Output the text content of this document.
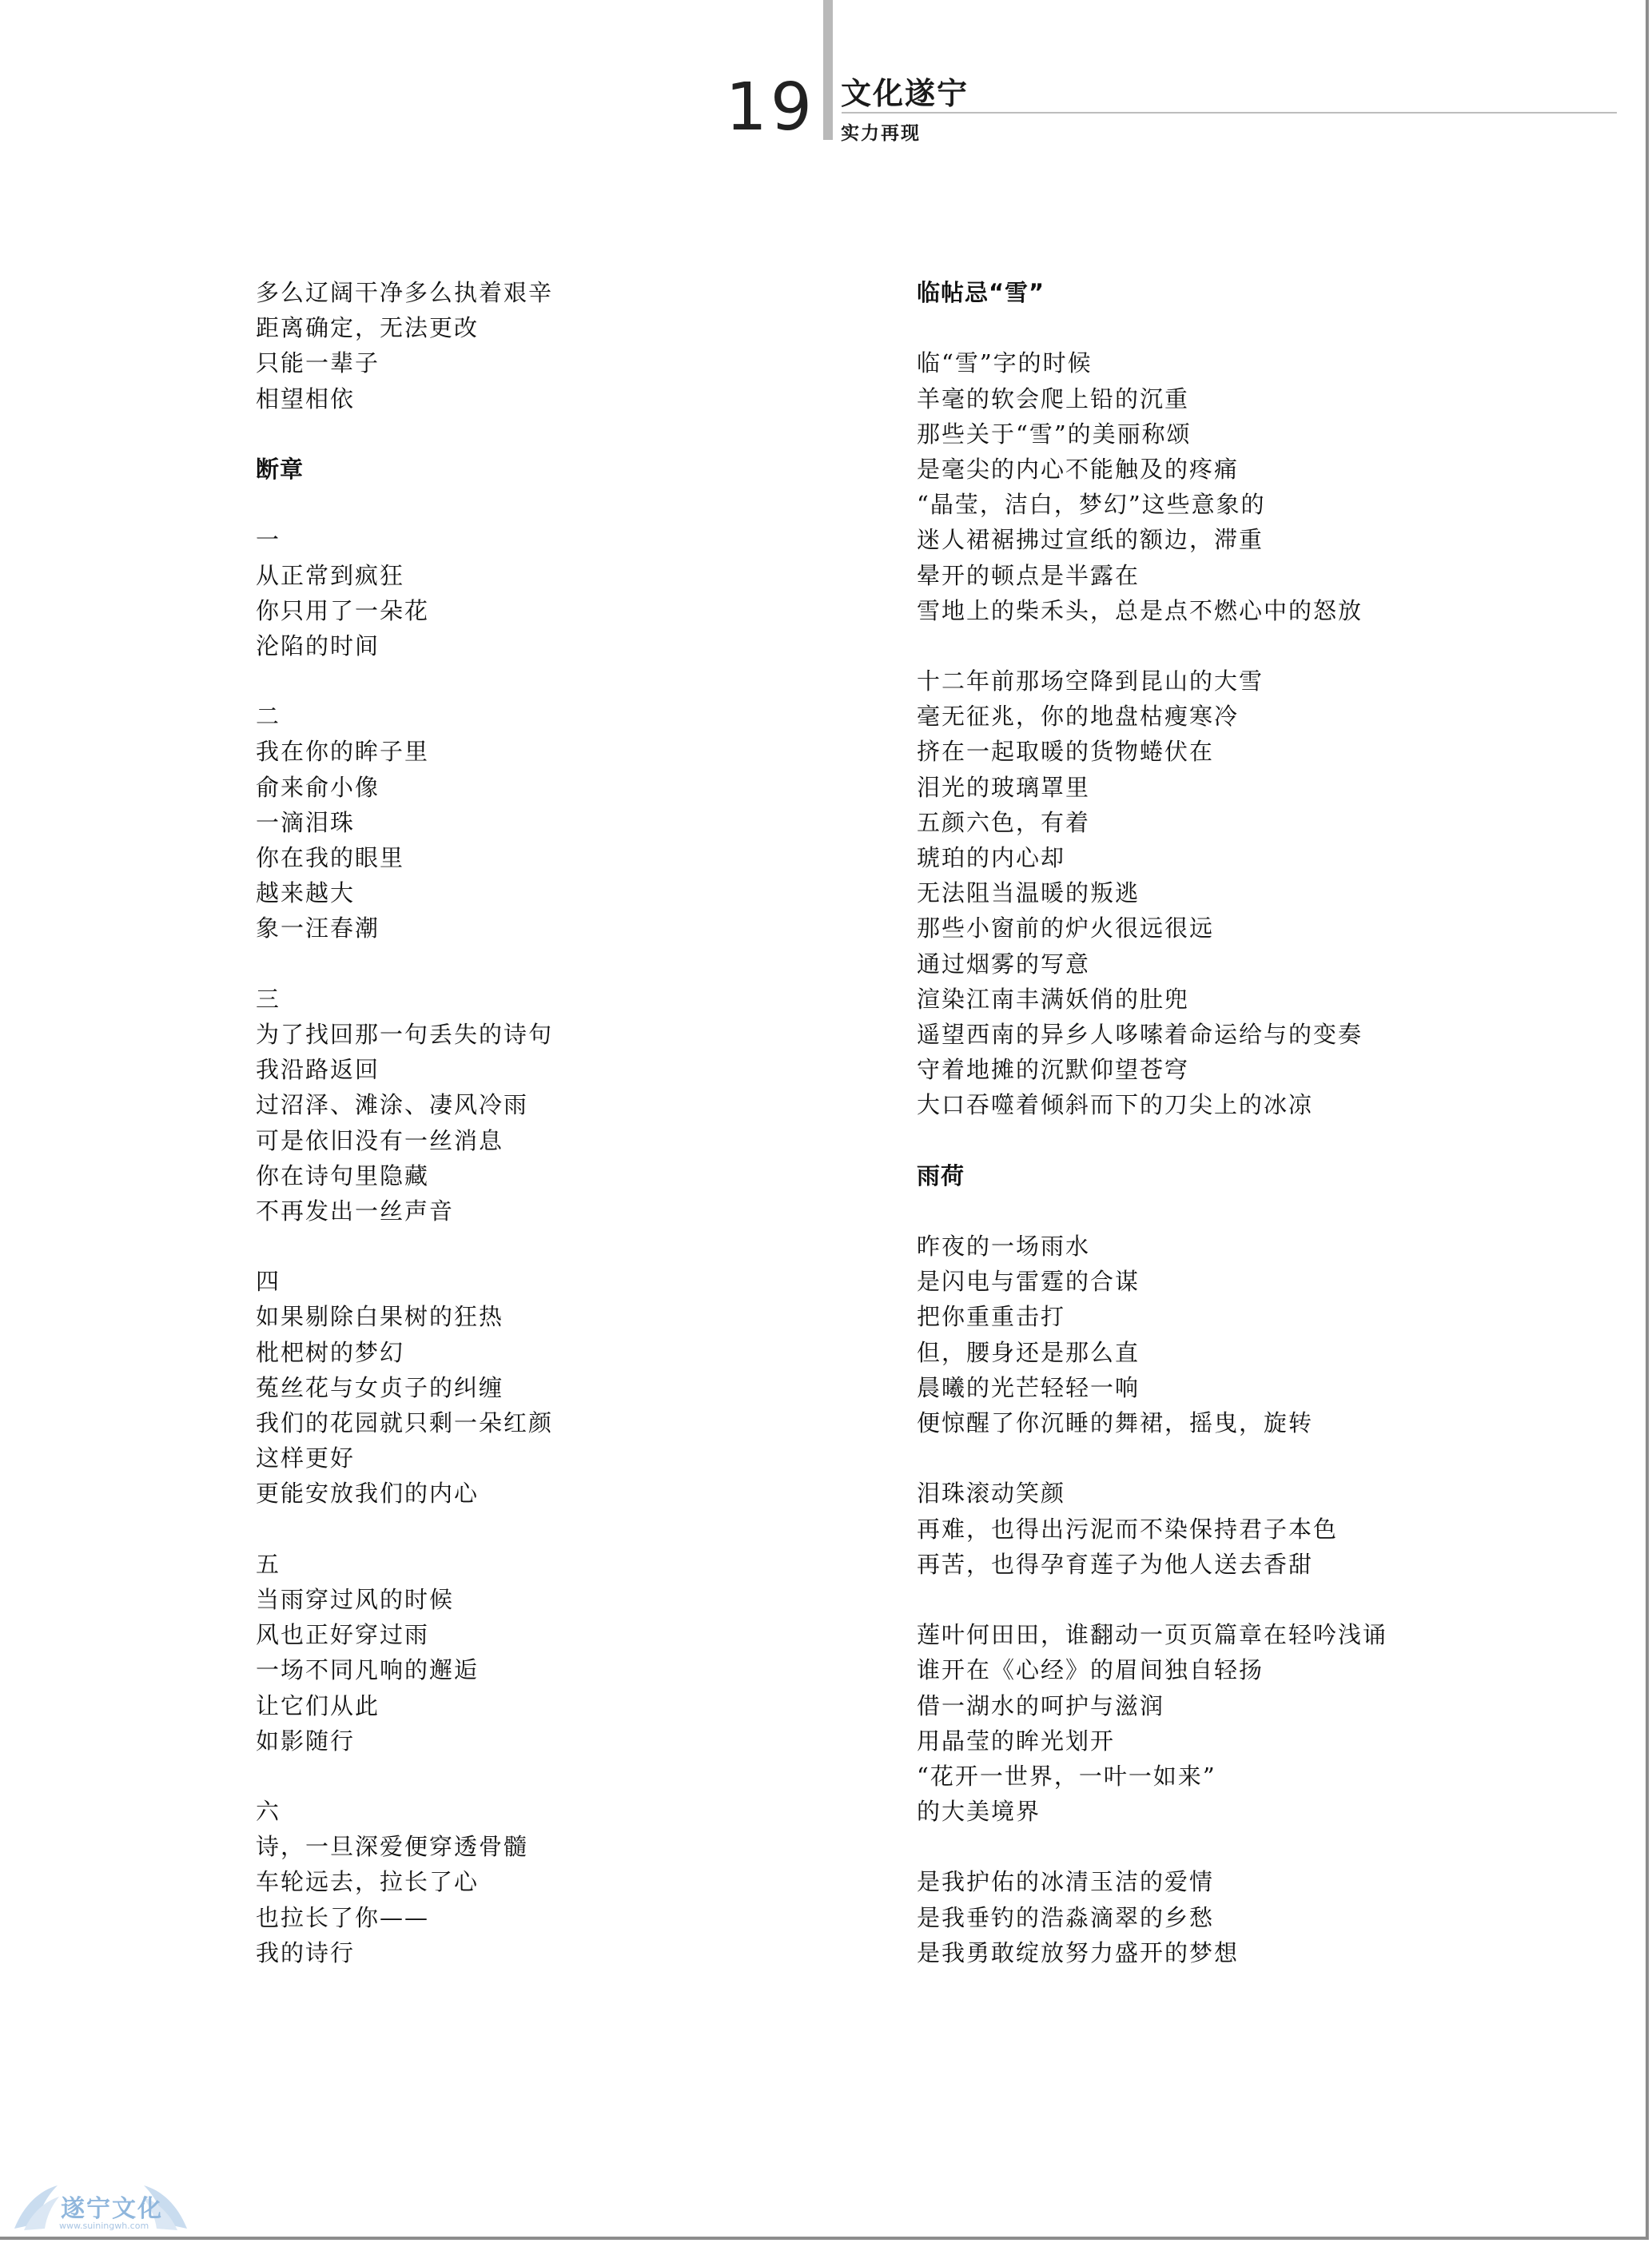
19 文化遂宁
实力再现
多么辽阔干净多么执着艰辛
距离确定，无法更改
只能一辈子
相望相依
断章
一
从正常到疯狂
你只用了一朵花
沦陷的时间
二
我在你的眸子里
俞来俞小像
一滴泪珠
你在我的眼里
越来越大
象一汪春潮
三
为了找回那一句丢失的诗句
我沿路返回
过沼泽、滩涂、凄风冷雨
可是依旧没有一丝消息
你在诗句里隐藏
不再发出一丝声音
四
如果剔除白果树的狂热
枇杷树的梦幻
菟丝花与女贞子的纠缠
我们的花园就只剩一朵红颜
这样更好
更能安放我们的内心
五
当雨穿过风的时候
风也正好穿过雨
一场不同凡响的邂逅
让它们从此
如影随行
六
诗，一旦深爱便穿透骨髓
车轮远去，拉长了心
也拉长了你——
我的诗行
临帖忌“雪”
临“雪”字的时候
羊毫的软会爬上铅的沉重
那些关于“雪”的美丽称颂
是毫尖的内心不能触及的疼痛
“晶莹，洁白，梦幻”这些意象的
迷人裙裾拂过宣纸的额边，滞重
晕开的顿点是半露在
雪地上的柴禾头，总是点不燃心中的怒放
十二年前那场空降到昆山的大雪
毫无征兆，你的地盘枯瘦寒冷
挤在一起取暖的货物蜷伏在
泪光的玻璃罩里
五颜六色，有着
琥珀的内心却
无法阻当温暖的叛逃
那些小窗前的炉火很远很远
通过烟雾的写意
渲染江南丰满妖俏的肚兜
遥望西南的异乡人哆嗦着命运给与的变奏
守着地摊的沉默仰望苍穹
大口吞噬着倾斜而下的刀尖上的冰凉
雨荷
昨夜的一场雨水
是闪电与雷霆的合谋
把你重重击打
但，腰身还是那么直
晨曦的光芒轻轻一响
便惊醒了你沉睡的舞裙，摇曳，旋转
泪珠滚动笑颜
再难，也得出污泥而不染保持君子本色
再苦，也得孕育莲子为他人送去香甜
莲叶何田田，谁翻动一页页篇章在轻吟浅诵
谁开在《心经》的眉间独自轻扬
借一湖水的呵护与滋润
用晶莹的眸光划开
“花开一世界，一叶一如来”
的大美境界
是我护佑的冰清玉洁的爱情
是我垂钓的浩淼滴翠的乡愁
是我勇敢绽放努力盛开的梦想
遂宁文化
www.suiningwh.com
